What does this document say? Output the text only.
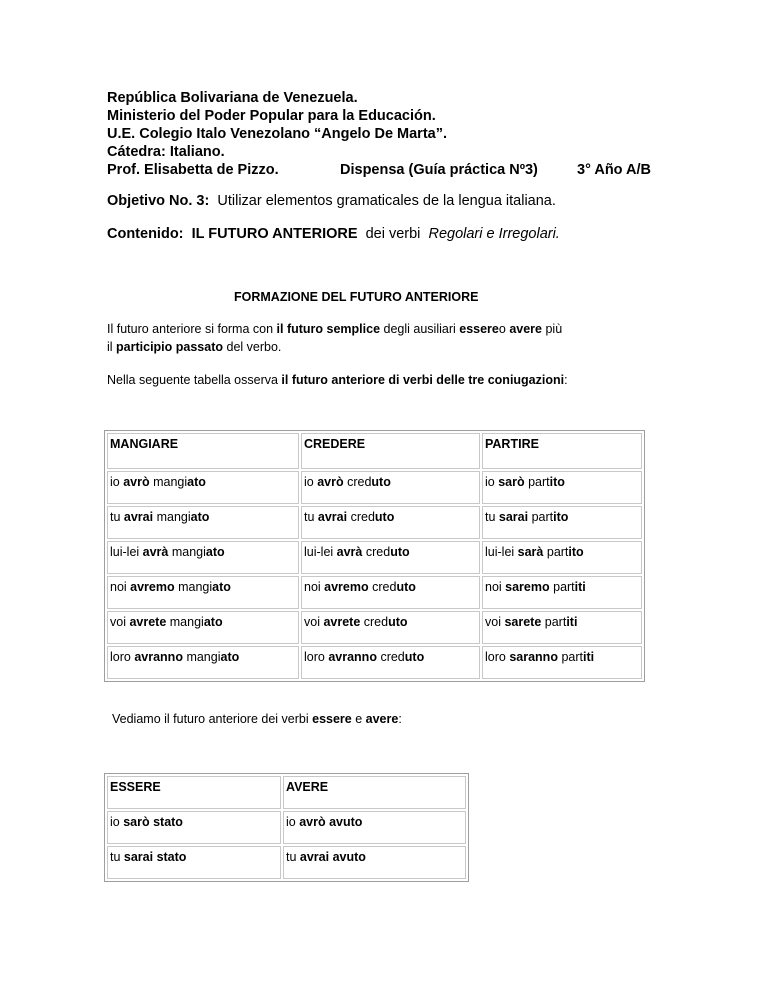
República Bolivariana de Venezuela.
Ministerio del Poder Popular para la Educación.
U.E. Colegio Italo Venezolano “Angelo De Marta”.
Cátedra: Italiano.
Prof. Elisabetta de Pizzo.	Dispensa (Guía práctica Nº3)	3° Año A/B
Objetivo No. 3: Utilizar elementos gramaticales de la lengua italiana.
Contenido: IL FUTURO ANTERIORE dei verbi Regolari e Irregolari.
FORMAZIONE DEL FUTURO ANTERIORE
Il futuro anteriore si forma con il futuro semplice degli ausiliari essereo avere più
il participio passato del verbo.
Nella seguente tabella osserva il futuro anteriore di verbi delle tre coniugazioni:
MANGIARE	CREDERE	PARTIRE
io avrò mangiato	io avrò creduto	io sarò partito
tu avrai mangiato	tu avrai creduto	tu sarai partito
lui-lei avrà mangiato	lui-lei avrà creduto	lui-lei sarà partito
noi avremo mangiato	noi avremo creduto	noi saremo partiti
voi avrete mangiato	voi avrete creduto	voi sarete partiti
loro avranno mangiato	loro avranno creduto	loro saranno partiti
Vediamo il futuro anteriore dei verbi essere e avere:
ESSERE	AVERE
io sarò stato	io avrò avuto
tu sarai stato	tu avrai avuto
